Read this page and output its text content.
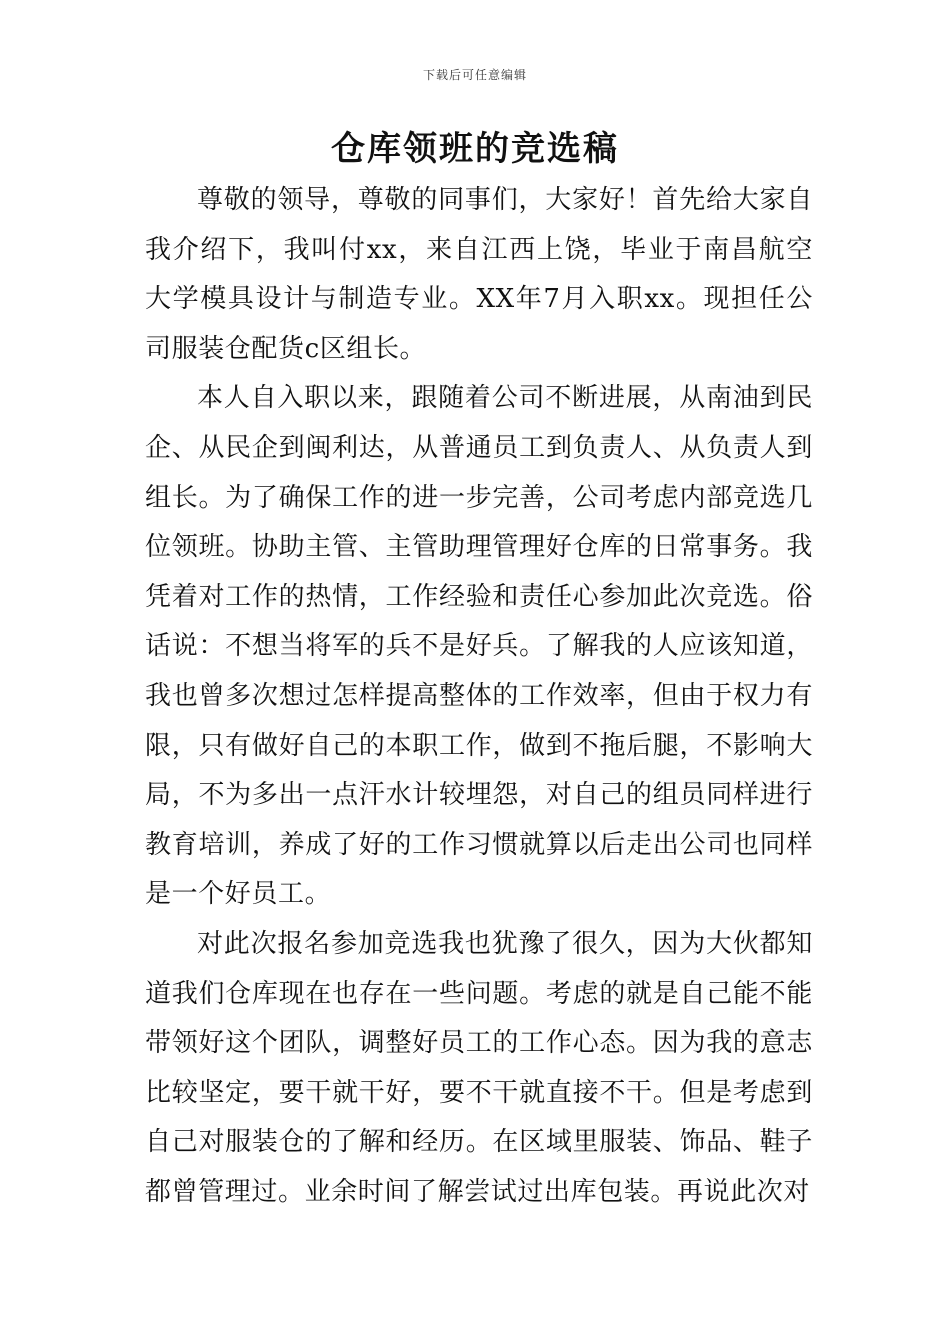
下载后可任意编辑
仓库领班的竞选稿

尊敬的领导，尊敬的同事们，大家好！首先给大家自我介绍下，我叫付xx，来自江西上饶，毕业于南昌航空大学模具设计与制造专业。XX年7月入职xx。现担任公司服装仓配货c区组长。

本人自入职以来，跟随着公司不断进展，从南油到民企、从民企到闽利达，从普通员工到负责人、从负责人到组长。为了确保工作的进一步完善，公司考虑内部竞选几位领班。协助主管、主管助理管理好仓库的日常事务。我凭着对工作的热情，工作经验和责任心参加此次竞选。俗话说：不想当将军的兵不是好兵。了解我的人应该知道，我也曾多次想过怎样提高整体的工作效率，但由于权力有限，只有做好自己的本职工作，做到不拖后腿，不影响大局，不为多出一点汗水计较埋怨，对自己的组员同样进行教育培训，养成了好的工作习惯就算以后走出公司也同样是一个好员工。

对此次报名参加竞选我也犹豫了很久，因为大伙都知道我们仓库现在也存在一些问题。考虑的就是自己能不能带领好这个团队，调整好员工的工作心态。因为我的意志比较坚定，要干就干好，要不干就直接不干。但是考虑到自己对服装仓的了解和经历。在区域里服装、饰品、鞋子都曾管理过。业余时间了解尝试过出库包装。再说此次对
